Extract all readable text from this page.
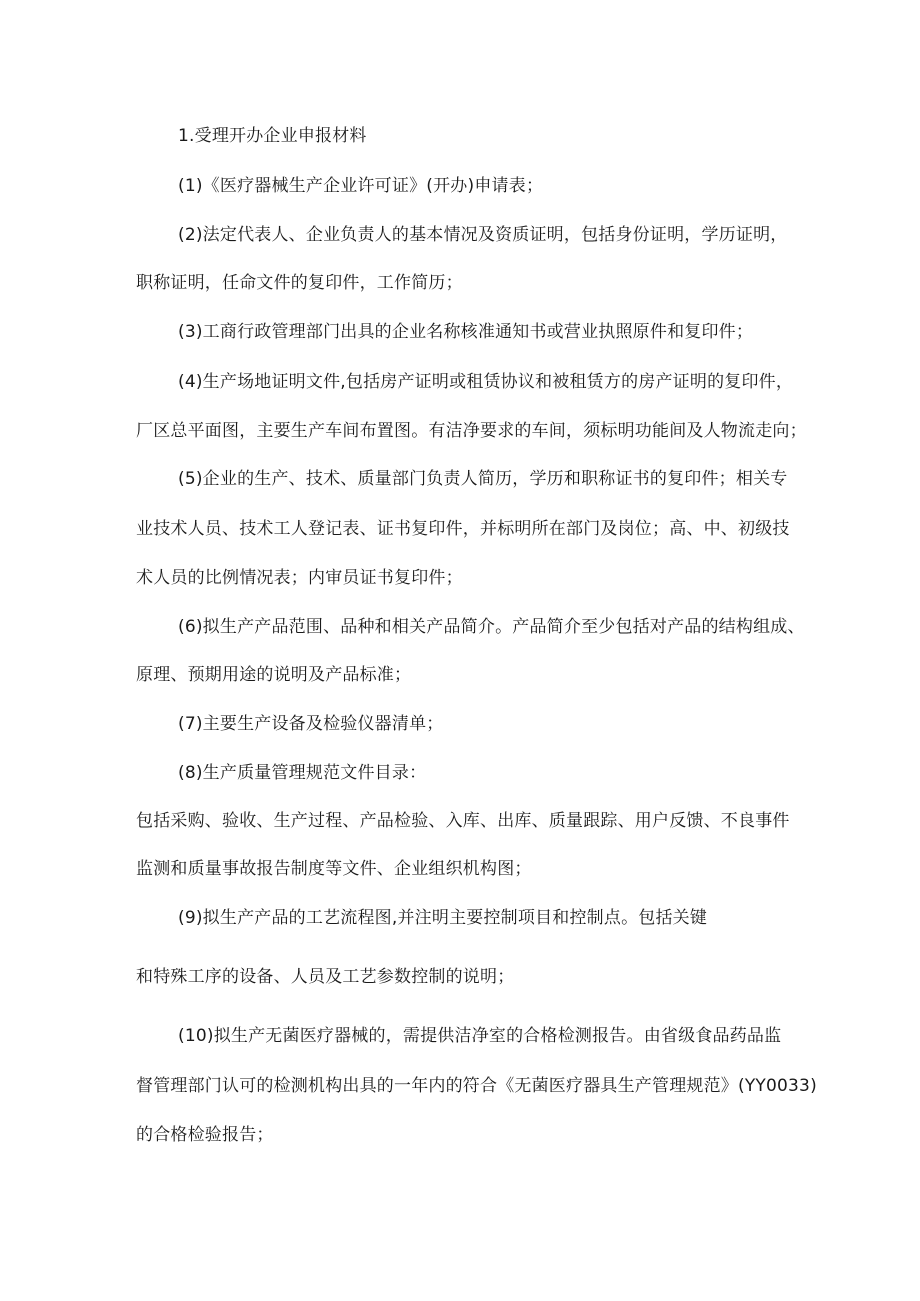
1.受理开办企业申报材料
(1)《医疗器械生产企业许可证》(开办)申请表；
(2)法定代表人、企业负责人的基本情况及资质证明，包括身份证明，学历证明，
职称证明，任命文件的复印件，工作简历；
(3)工商行政管理部门出具的企业名称核准通知书或营业执照原件和复印件；
(4)生产场地证明文件,包括房产证明或租赁协议和被租赁方的房产证明的复印件，
厂区总平面图，主要生产车间布置图。有洁净要求的车间，须标明功能间及人物流走向；
(5)企业的生产、技术、质量部门负责人简历，学历和职称证书的复印件；相关专
业技术人员、技术工人登记表、证书复印件，并标明所在部门及岗位；高、中、初级技
术人员的比例情况表；内审员证书复印件；
(6)拟生产产品范围、品种和相关产品简介。产品简介至少包括对产品的结构组成、
原理、预期用途的说明及产品标准；
(7)主要生产设备及检验仪器清单；
(8)生产质量管理规范文件目录：
包括采购、验收、生产过程、产品检验、入库、出库、质量跟踪、用户反馈、不良事件
监测和质量事故报告制度等文件、企业组织机构图；
(9)拟生产产品的工艺流程图,并注明主要控制项目和控制点。包括关键
和特殊工序的设备、人员及工艺参数控制的说明；
(10)拟生产无菌医疗器械的，需提供洁净室的合格检测报告。由省级食品药品监
督管理部门认可的检测机构出具的一年内的符合《无菌医疗器具生产管理规范》(YY0033)
的合格检验报告；
